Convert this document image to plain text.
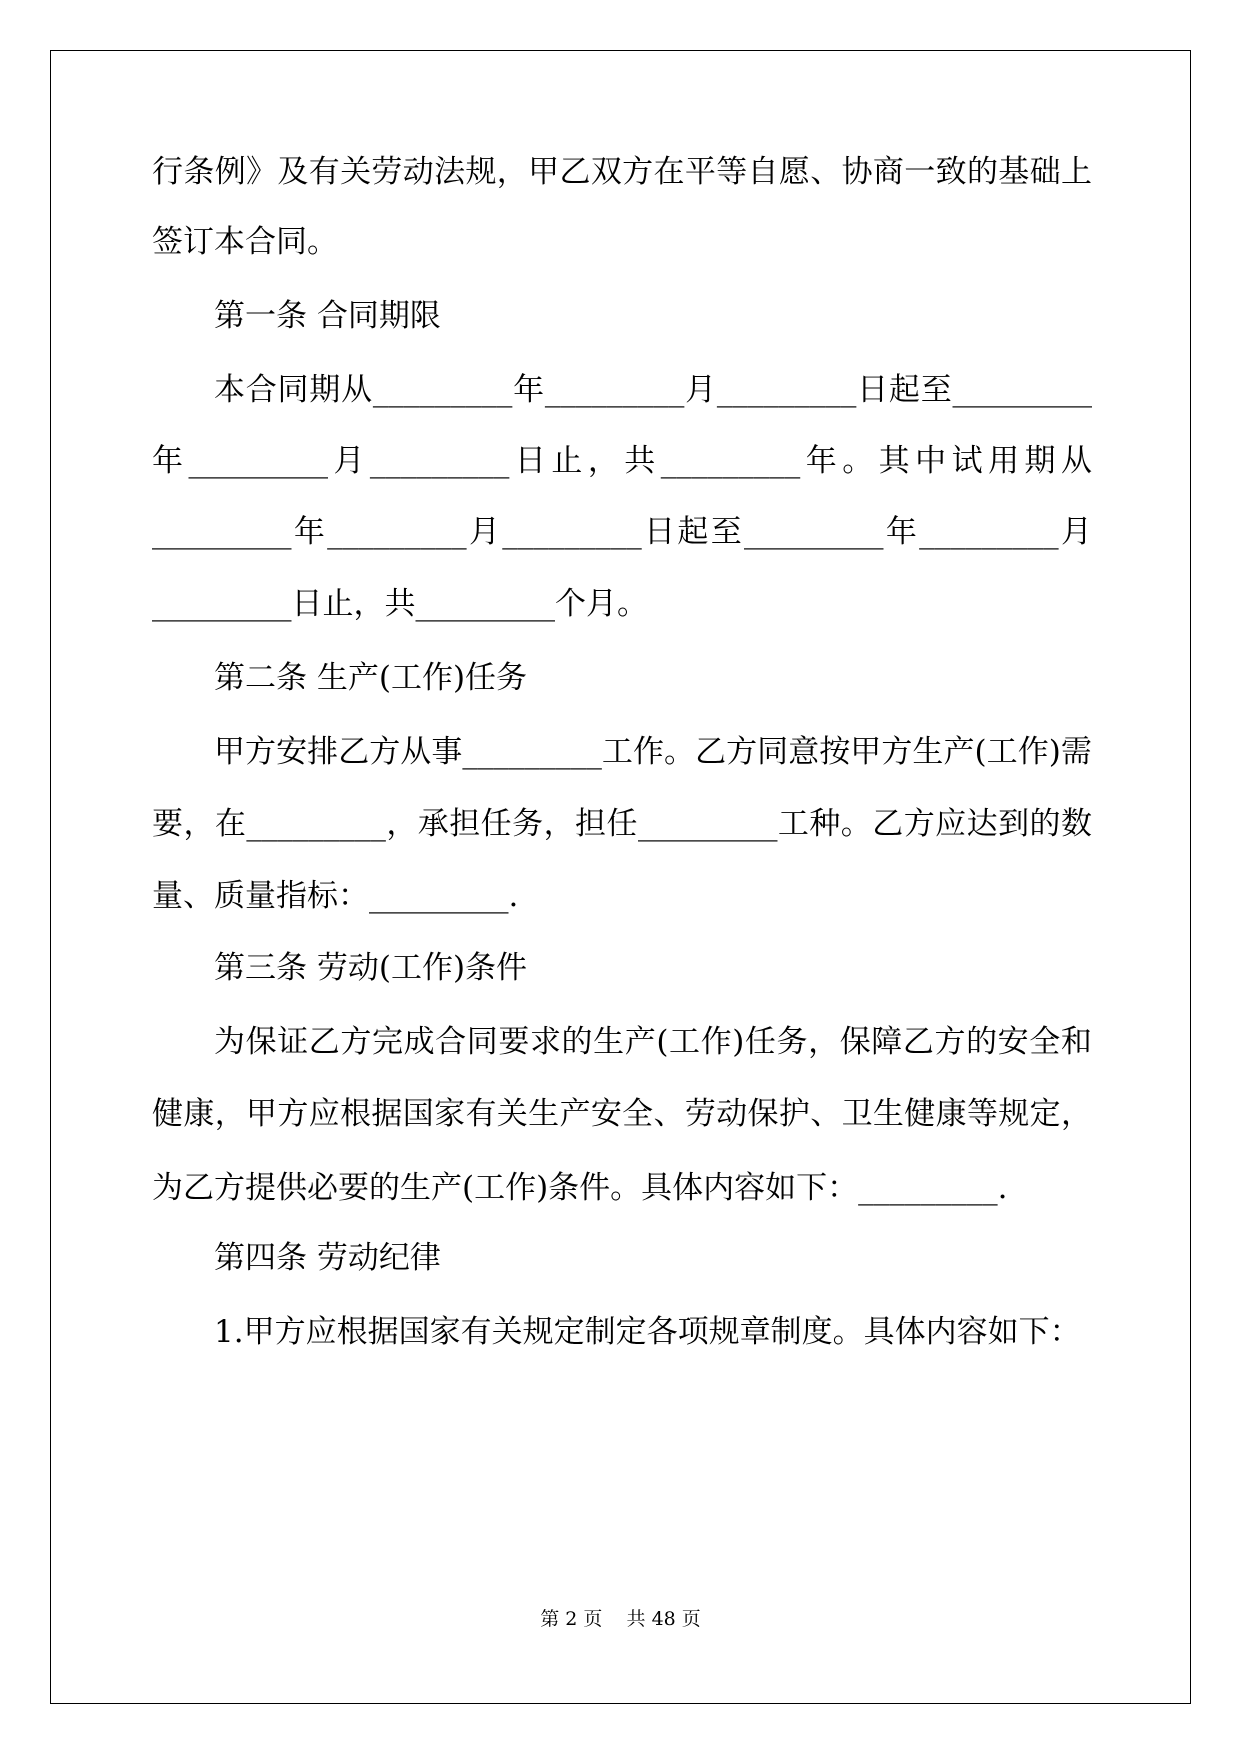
行 条 例 》 及 有 关 劳 动 法 规 ， 甲 乙 双 方 在 平 等 自 愿 、 协 商 一 致 的 基 础 上

签订本合同。

第一条 合同期限

本 合 同 期 从 _________ 年 _________ 月 _________ 日 起 至 _________
年 _________ 月 _________ 日 止 ， 共 _________ 年 。 其 中 试 用 期 从
_________ 年 _________ 月 _________ 日 起 至 _________ 年 _________ 月

_________日止，共_________个月。

第二条 生产(工作)任务

甲 方 安 排 乙 方 从 事 _________ 工 作 。 乙 方 同 意 按 甲 方 生 产 ( 工 作 ) 需
要 ， 在 _________ ， 承 担 任 务 ， 担 任 _________ 工 种 。 乙 方 应 达 到 的 数

量、质量指标：_________.

第三条 劳动(工作)条件

为 保 证 乙 方 完 成 合 同 要 求 的 生 产 ( 工 作 ) 任 务 ， 保 障 乙 方 的 安 全 和
健 康 ， 甲 方 应 根 据 国 家 有 关 生 产 安 全 、 劳 动 保 护 、 卫 生 健 康 等 规 定 ，

为乙方提供必要的生产(工作)条件。具体内容如下：_________.

第四条 劳动纪律

1.甲方应根据国家有关规定制定各项规章制度。具体内容如下：

第 2 页    共 48 页
